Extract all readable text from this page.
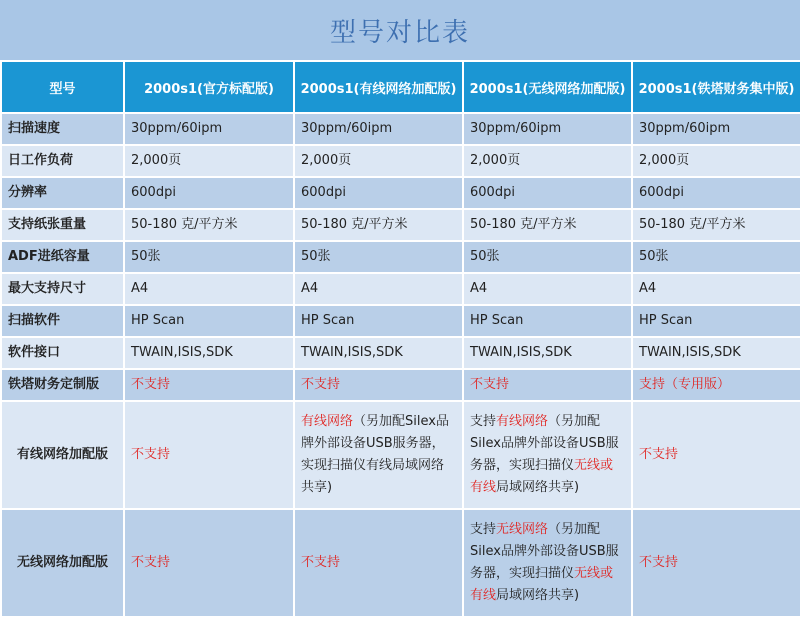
型号对比表
型号	2000s1(官方标配版)	2000s1(有线网络加配版)	2000s1(无线网络加配版)	2000s1(铁塔财务集中版)
扫描速度	30ppm/60ipm	30ppm/60ipm	30ppm/60ipm	30ppm/60ipm
日工作负荷	2,000页	2,000页	2,000页	2,000页
分辨率	600dpi	600dpi	600dpi	600dpi
支持纸张重量	50-180 克/平方米	50-180 克/平方米	50-180 克/平方米	50-180 克/平方米
ADF进纸容量	50张	50张	50张	50张
最大支持尺寸	A4	A4	A4	A4
扫描软件	HP Scan	HP Scan	HP Scan	HP Scan
软件接口	TWAIN,ISIS,SDK	TWAIN,ISIS,SDK	TWAIN,ISIS,SDK	TWAIN,ISIS,SDK
铁塔财务定制版	不支持	不支持	不支持	支持（专用版）
有线网络加配版	不支持	有线网络（另加配Silex品牌外部设备USB服务器，实现扫描仪有线局域网络共享)	支持有线网络（另加配Silex品牌外部设备USB服务器，实现扫描仪无线或有线局域网络共享)	不支持
无线网络加配版	不支持	不支持	支持无线网络（另加配Silex品牌外部设备USB服务器，实现扫描仪无线或有线局域网络共享)	不支持
